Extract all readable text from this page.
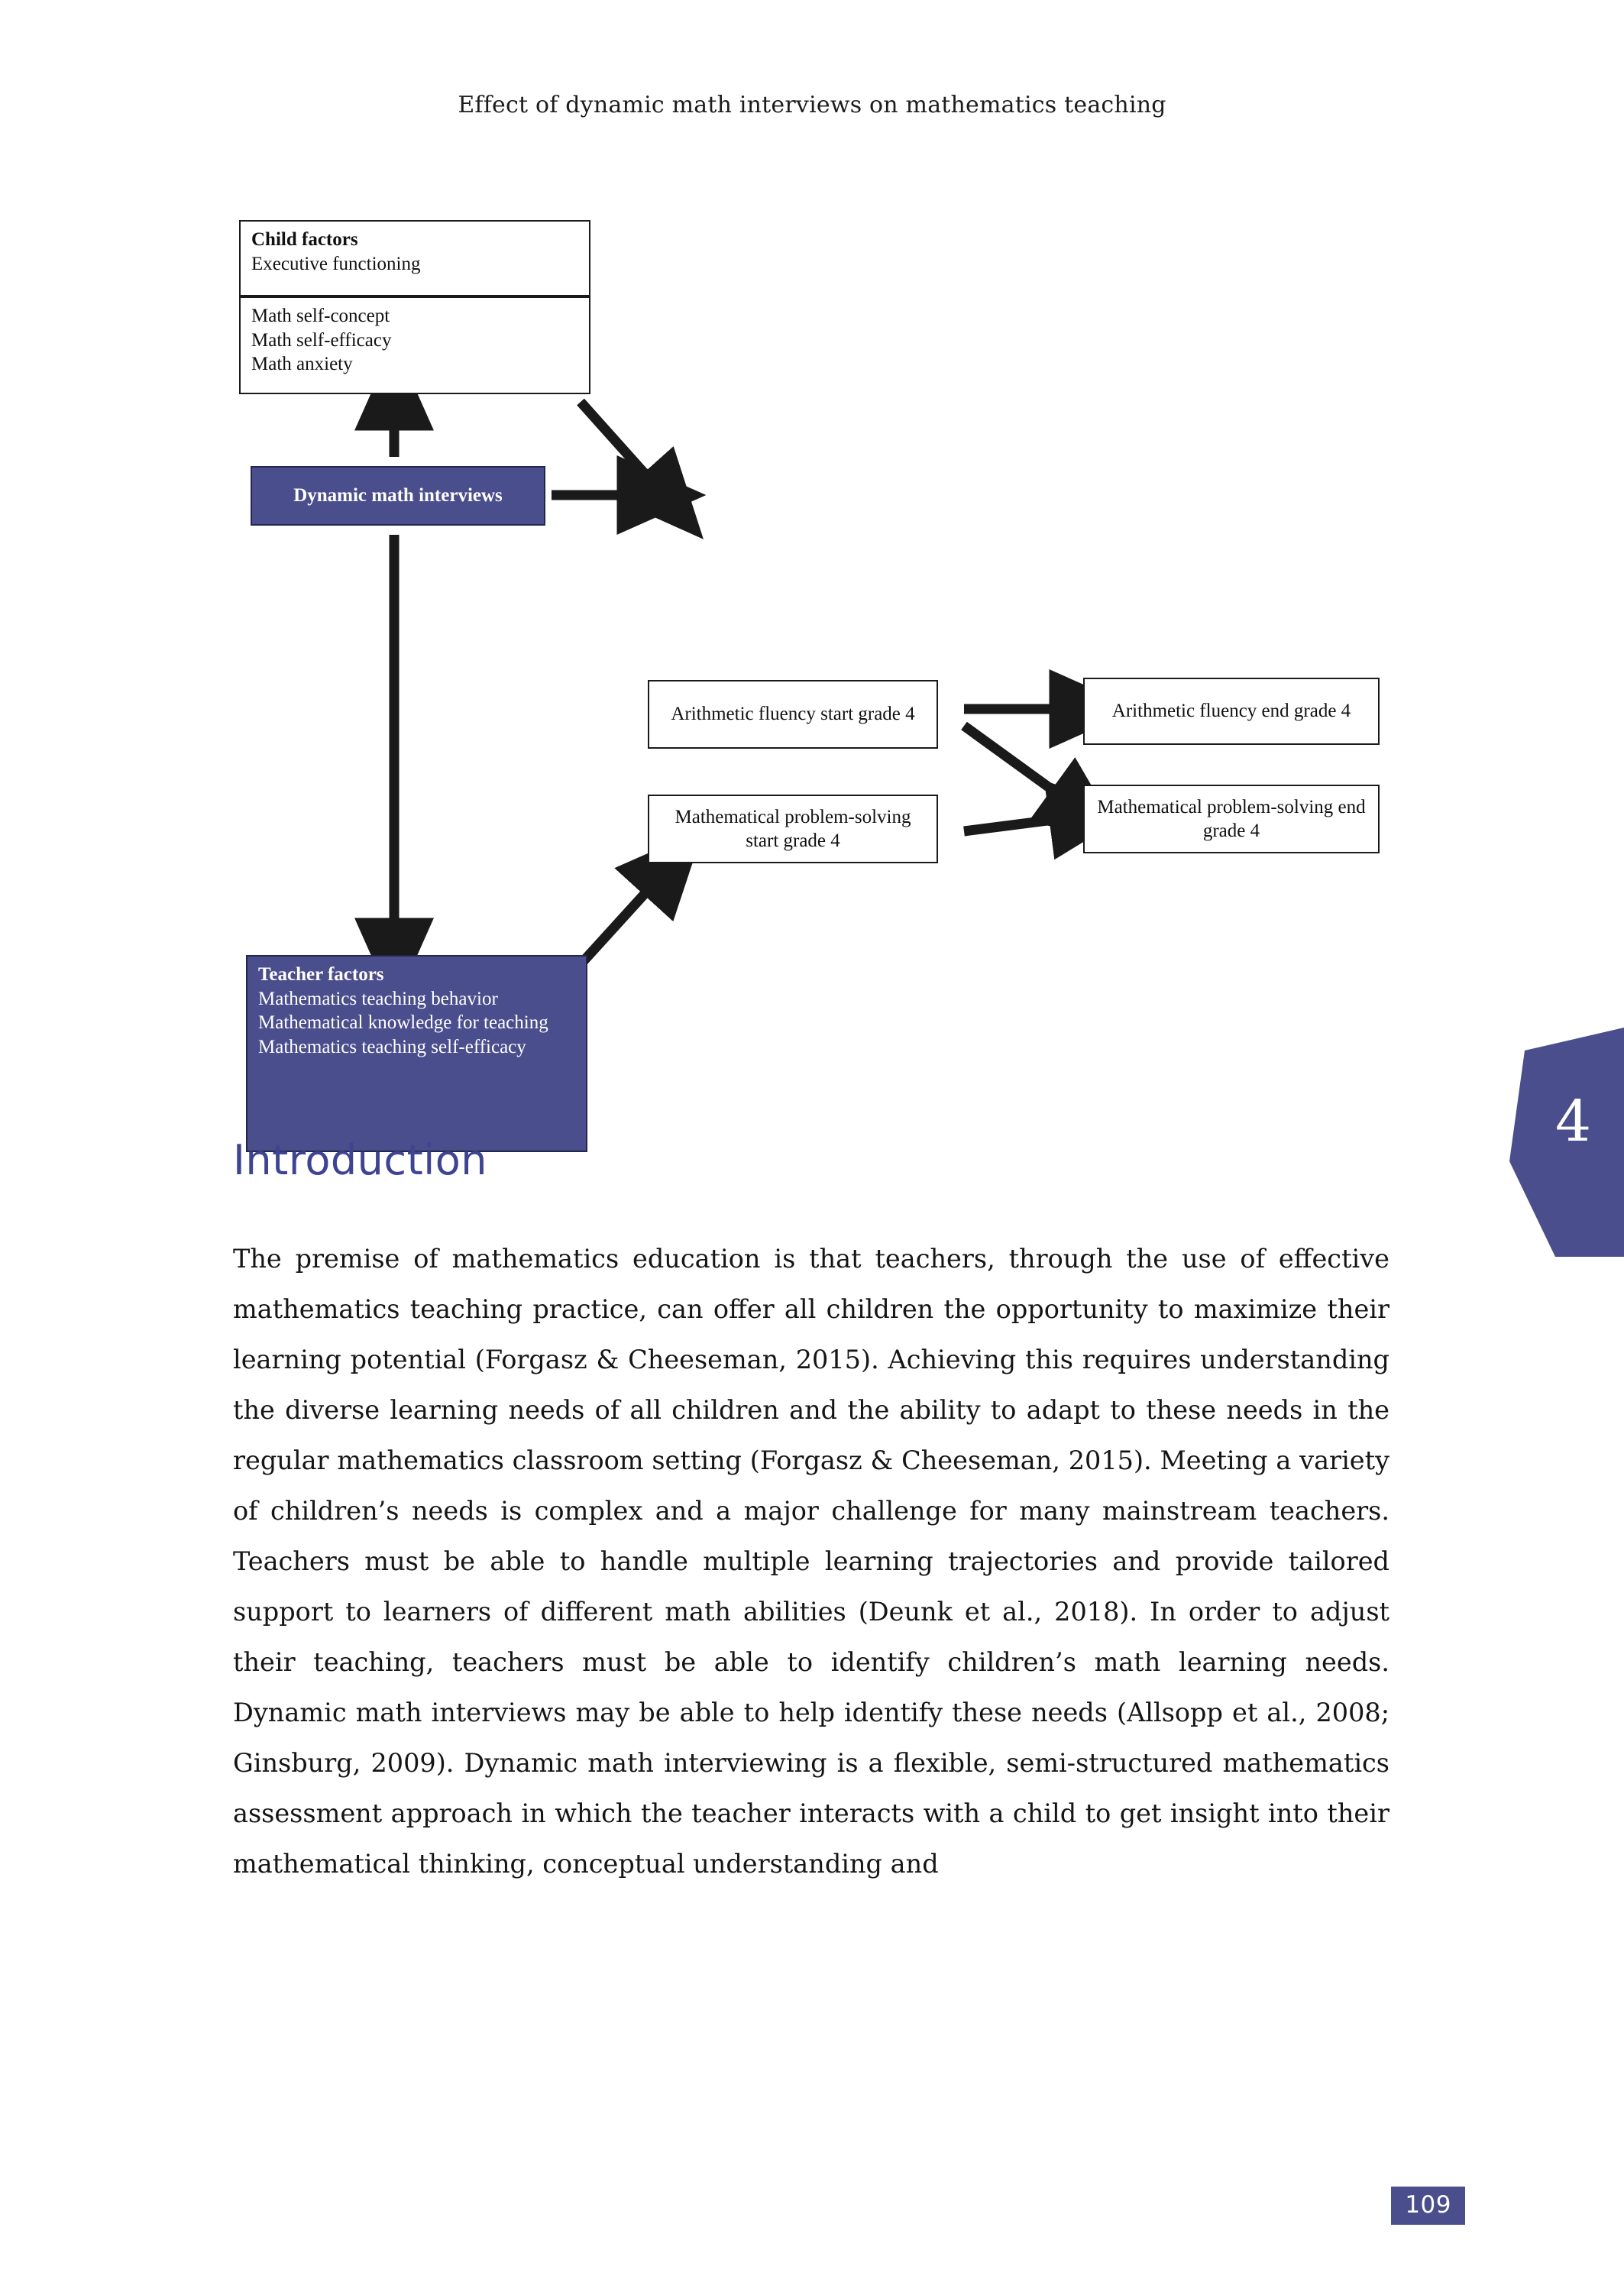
Effect of dynamic math interviews on mathematics teaching
Child factors
Executive functioning
Math self-concept
Math self-efficacy
Math anxiety
Dynamic math interviews
Teacher factors
Mathematics teaching behavior
Mathematical knowledge for teaching
Mathematics teaching self-efficacy
Arithmetic fluency start grade 4	Arithmetic fluency end grade 4
Mathematical problem-solving start grade 4
Mathematical problem-solving end grade 4
4
Introduction
The premise of mathematics education is that teachers, through the use of effective mathematics teaching practice, can offer all children the opportunity to maximize their learning potential (Forgasz & Cheeseman, 2015). Achieving this requires understanding the diverse learning needs of all children and the ability to adapt to these needs in the regular mathematics classroom setting (Forgasz & Cheeseman, 2015). Meeting a variety of children’s needs is complex and a major challenge for many mainstream teachers. Teachers must be able to handle multiple learning trajectories and provide tailored support to learners of different math abilities (Deunk et al., 2018). In order to adjust their teaching, teachers must be able to identify children’s math learning needs. Dynamic math interviews may be able to help identify these needs (Allsopp et al., 2008; Ginsburg, 2009). Dynamic math interviewing is a flexible, semi-structured mathematics assessment approach in which the teacher interacts with a child to get insight into their mathematical thinking, conceptual understanding and
109
